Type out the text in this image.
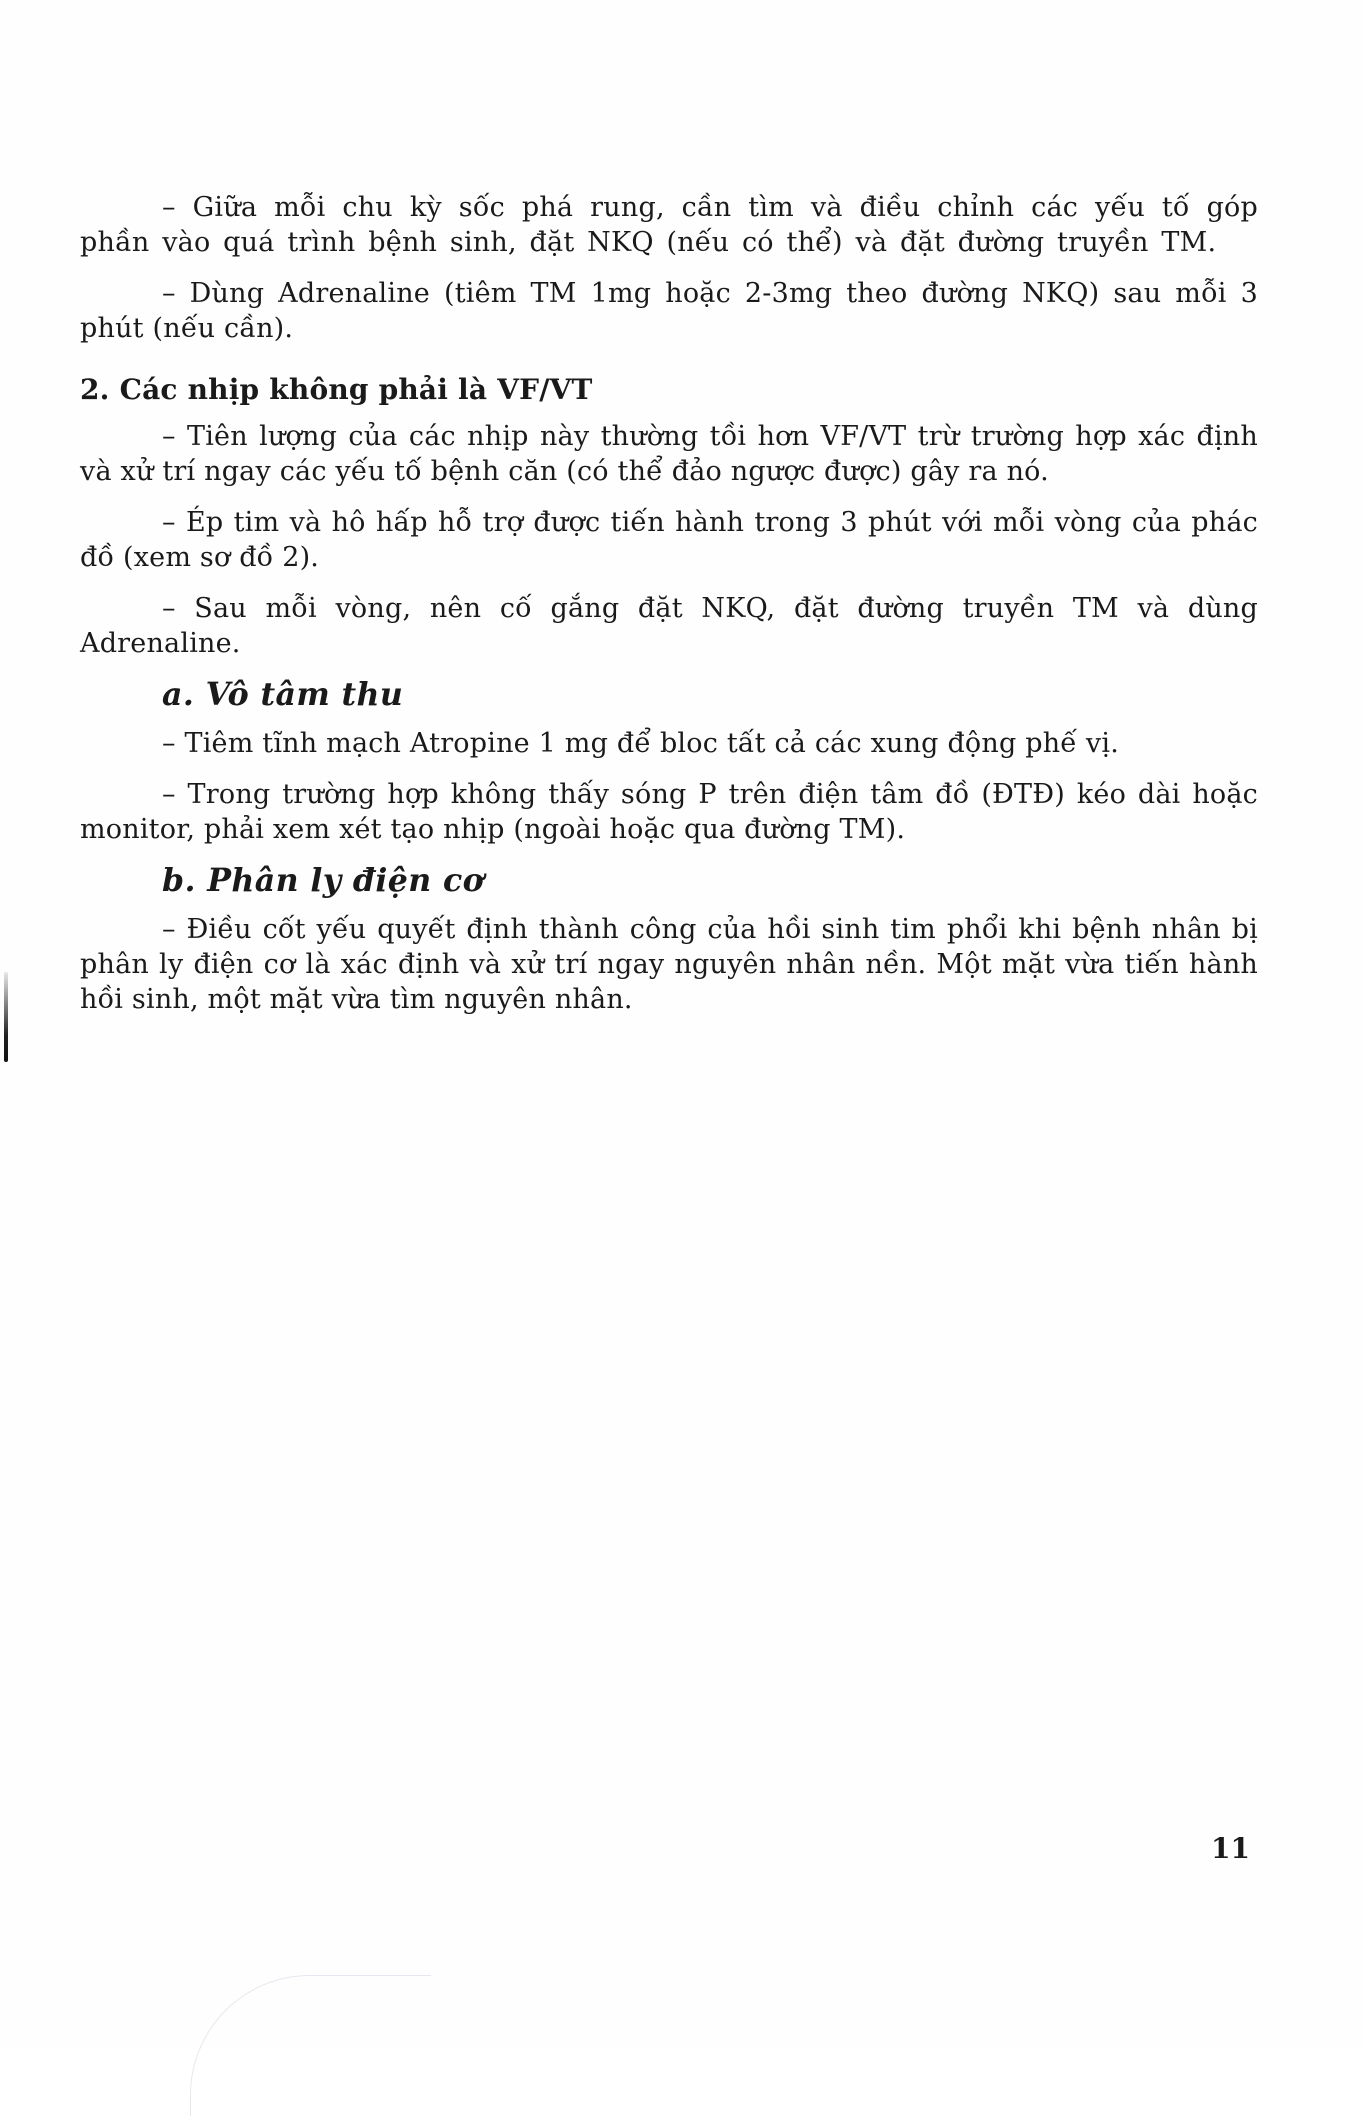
– Giữa mỗi chu kỳ sốc phá rung, cần tìm và điều chỉnh các yếu tố góp phần vào quá trình bệnh sinh, đặt NKQ (nếu có thể) và đặt đường truyền TM.

– Dùng Adrenaline (tiêm TM 1mg hoặc 2-3mg theo đường NKQ) sau mỗi 3 phút (nếu cần).

2. Các nhịp không phải là VF/VT

– Tiên lượng của các nhịp này thường tồi hơn VF/VT trừ trường hợp xác định và xử trí ngay các yếu tố bệnh căn (có thể đảo ngược được) gây ra nó.

– Ép tim và hô hấp hỗ trợ được tiến hành trong 3 phút với mỗi vòng của phác đồ (xem sơ đồ 2).

– Sau mỗi vòng, nên cố gắng đặt NKQ, đặt đường truyền TM và dùng Adrenaline.

a. Vô tâm thu

– Tiêm tĩnh mạch Atropine 1 mg để bloc tất cả các xung động phế vị.

– Trong trường hợp không thấy sóng P trên điện tâm đồ (ĐTĐ) kéo dài hoặc monitor, phải xem xét tạo nhịp (ngoài hoặc qua đường TM).

b. Phân ly điện cơ

– Điều cốt yếu quyết định thành công của hồi sinh tim phổi khi bệnh nhân bị phân ly điện cơ là xác định và xử trí ngay nguyên nhân nền. Một mặt vừa tiến hành hồi sinh, một mặt vừa tìm nguyên nhân.

11
